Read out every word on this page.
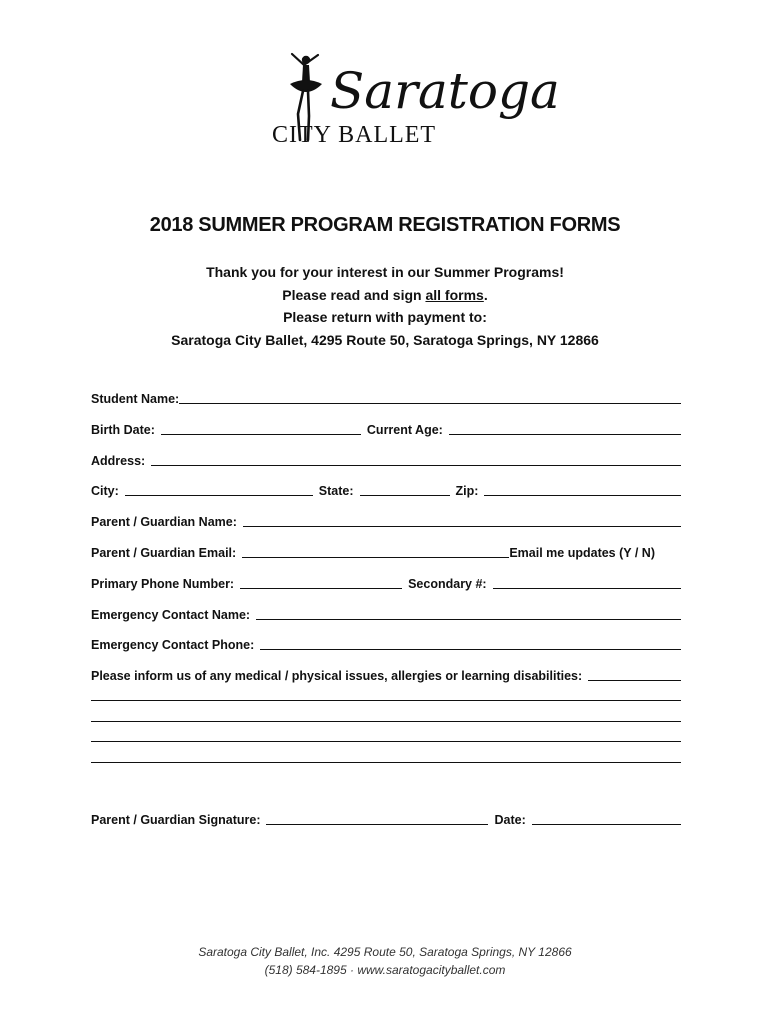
Saratoga
CITY BALLET
2018 SUMMER PROGRAM REGISTRATION FORMS
Thank you for your interest in our Summer Programs!
Please read and sign all forms.
Please return with payment to:
Saratoga City Ballet, 4295 Route 50, Saratoga Springs, NY 12866
Student Name:
Birth Date:	Current Age:
Address:
City:	State:	Zip:
Parent / Guardian Name:
Parent / Guardian Email:	Email me updates (Y / N)
Primary Phone Number:	Secondary #:
Emergency Contact Name:
Emergency Contact Phone:
Please inform us of any medical / physical issues, allergies or learning disabilities:
Parent / Guardian Signature:	Date:
Saratoga City Ballet, Inc. 4295 Route 50, Saratoga Springs, NY 12866
(518) 584-1895 · www.saratogacityballet.com
